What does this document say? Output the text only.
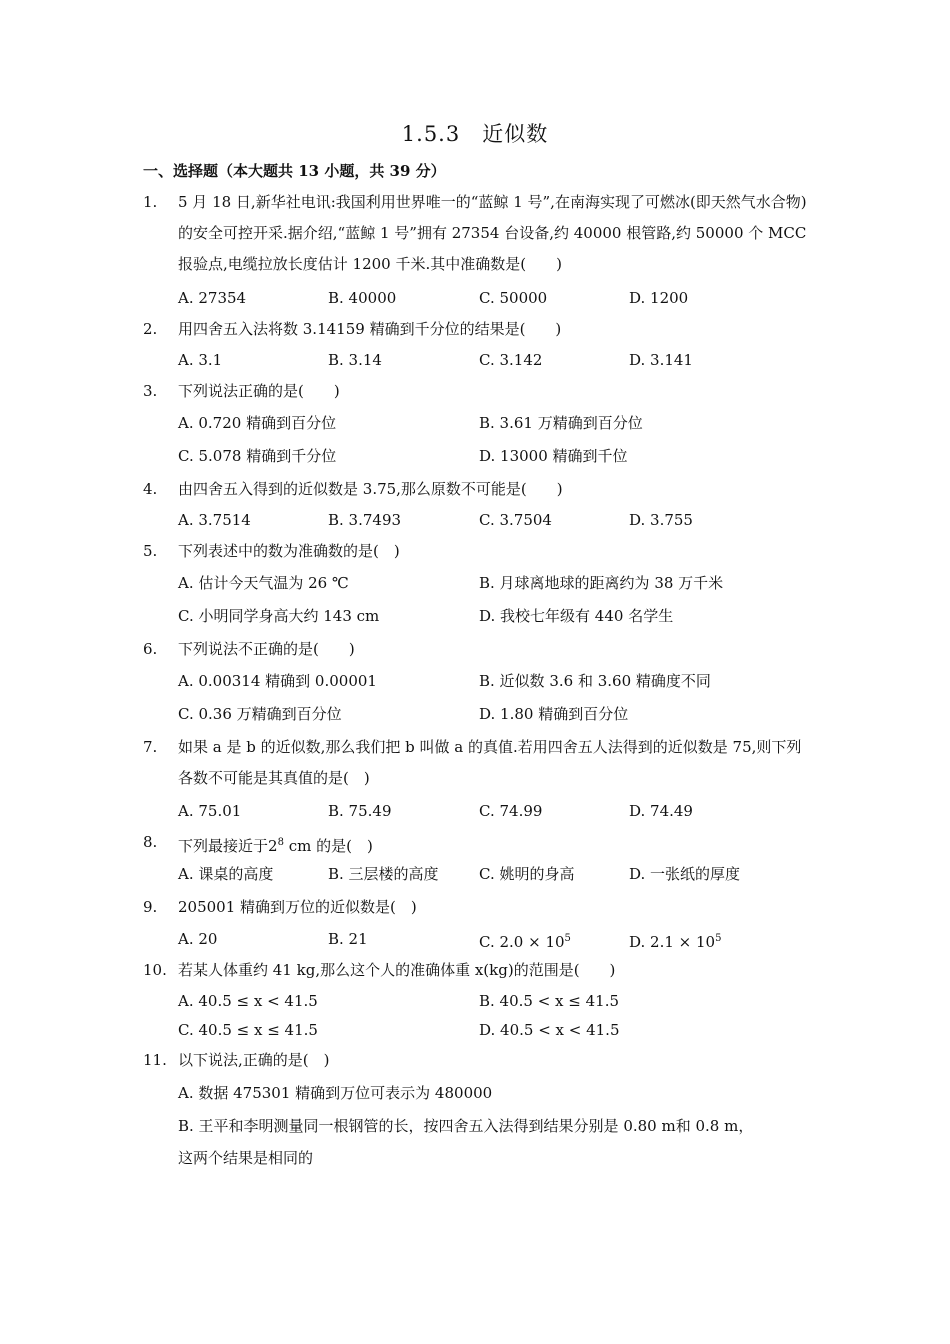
1.5.3　近似数
一、选择题（本大题共 13 小题，共 39 分）
1. 5 月 18 日,新华社电讯:我国利用世界唯一的“蓝鲸 1 号”,在南海实现了可燃冰(即天然气水合物)的安全可控开采.据介绍,“蓝鲸 1 号”拥有 27354 台设备,约 40000 根管路,约 50000 个 MCC 报验点,电缆拉放长度估计 1200 千米.其中准确数是(　　)
A. 27354	B. 40000	C. 50000	D. 1200
2. 用四舍五入法将数 3.14159 精确到千分位的结果是(　　)
A. 3.1	B. 3.14	C. 3.142	D. 3.141
3. 下列说法正确的是(　　)
A. 0.720 精确到百分位	B. 3.61 万精确到百分位
C. 5.078 精确到千分位	D. 13000 精确到千位
4. 由四舍五入得到的近似数是 3.75,那么原数不可能是(　　)
A. 3.7514	B. 3.7493	C. 3.7504	D. 3.755
5. 下列表述中的数为准确数的是(　)
A. 估计今天气温为 26 ℃	B. 月球离地球的距离约为 38 万千米
C. 小明同学身高大约 143 cm	D. 我校七年级有 440 名学生
6. 下列说法不正确的是(　　)
A. 0.00314 精确到 0.00001	B. 近似数 3.6 和 3.60 精确度不同
C. 0.36 万精确到百分位	D. 1.80 精确到百分位
7. 如果 a 是 b 的近似数,那么我们把 b 叫做 a 的真值.若用四舍五人法得到的近似数是 75,则下列各数不可能是其真值的是(　)
A. 75.01	B. 75.49	C. 74.99	D. 74.49
8. 下列最接近于$2^8$ cm 的是(　)
A. 课桌的高度	B. 三层楼的高度	C. 姚明的身高	D. 一张纸的厚度
9. 205001 精确到万位的近似数是(　)
A. 20	B. 21	C. $2.0 \times 10^5$	D. $2.1 \times 10^5$
10. 若某人体重约 41 kg,那么这个人的准确体重 x(kg)的范围是(　　)
A. 40.5 ≤ x < 41.5	B. 40.5 < x ≤ 41.5
C. 40.5 ≤ x ≤ 41.5	D. 40.5 < x < 41.5
11. 以下说法,正确的是(　)
A. 数据 475301 精确到万位可表示为 480000
B. 王平和李明测量同一根钢管的长，按四舍五入法得到结果分别是 0.80 m和 0.8 m，
这两个结果是相同的
